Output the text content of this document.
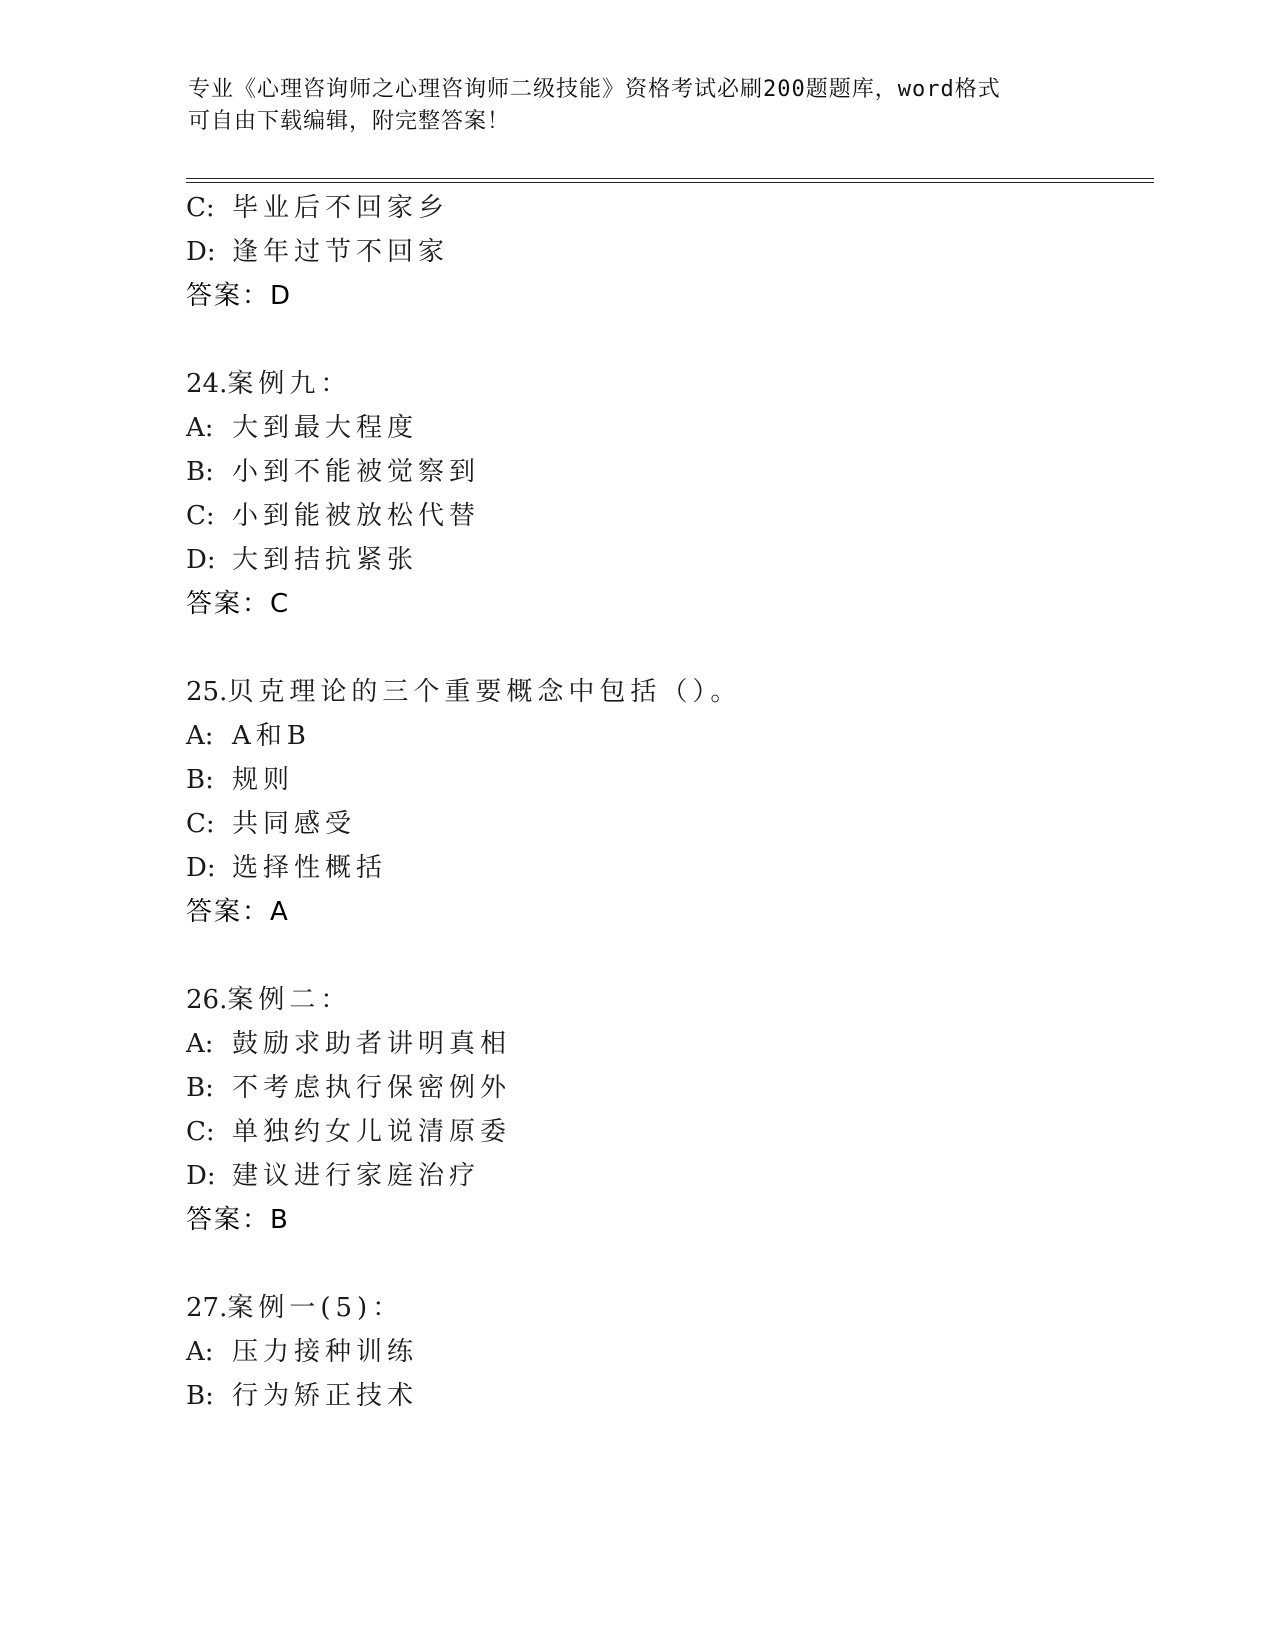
专业《心理咨询师之心理咨询师二级技能》资格考试必刷200题题库，word格式
可自由下载编辑，附完整答案！
C: 毕业后不回家乡
D: 逢年过节不回家
答案：D
24.案例九：
A: 大到最大程度
B: 小到不能被觉察到
C: 小到能被放松代替
D: 大到拮抗紧张
答案：C
25.贝克理论的三个重要概念中包括（）。
A: A和B
B: 规则
C: 共同感受
D: 选择性概括
答案：A
26.案例二：
A: 鼓励求助者讲明真相
B: 不考虑执行保密例外
C: 单独约女儿说清原委
D: 建议进行家庭治疗
答案：B
27.案例一(5)：
A: 压力接种训练
B: 行为矫正技术
